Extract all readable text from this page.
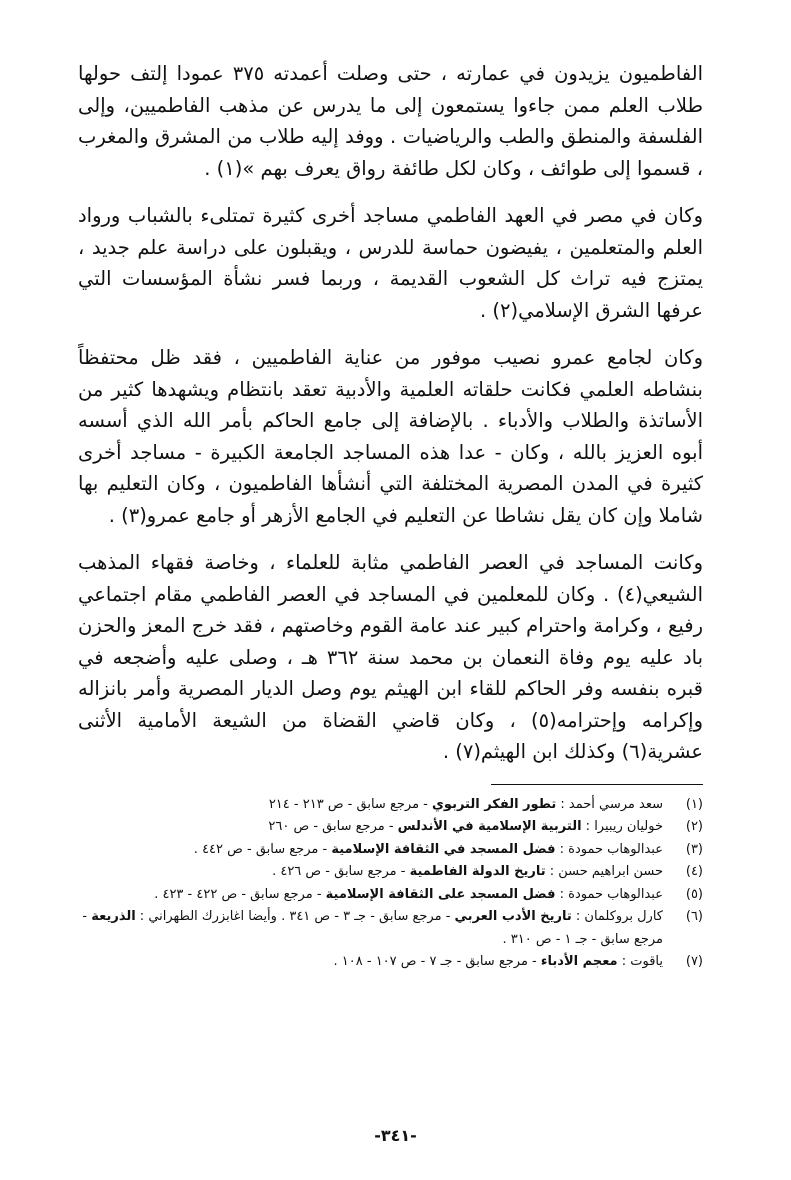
الفاطميون يزيدون في عمارته ، حتى وصلت أعمدته ٣٧٥ عمودا إلتف حولها طلاب العلم ممن جاءوا يستمعون إلى ما يدرس عن مذهب الفاطميين، وإلى الفلسفة والمنطق والطب والرياضيات . ووفد إليه طلاب من المشرق والمغرب ، قسموا إلى طوائف ، وكان لكل طائفة رواق يعرف بهم »(١) .

وكان في مصر في العهد الفاطمي مساجد أخرى كثيرة تمتلىء بالشباب ورواد العلم والمتعلمين ، يفيضون حماسة للدرس ، ويقبلون على دراسة علم جديد ، يمتزج فيه تراث كل الشعوب القديمة ، وربما فسر نشأة المؤسسات التي عرفها الشرق الإسلامي(٢) .

وكان لجامع عمرو نصيب موفور من عناية الفاطميين ، فقد ظل محتفظاً بنشاطه العلمي فكانت حلقاته العلمية والأدبية تعقد بانتظام ويشهدها كثير من الأساتذة والطلاب والأدباء . بالإضافة إلى جامع الحاكم بأمر الله الذي أسسه أبوه العزيز بالله ، وكان - عدا هذه المساجد الجامعة الكبيرة - مساجد أخرى كثيرة في المدن المصرية المختلفة التي أنشأها الفاطميون ، وكان التعليم بها شاملا وإن كان يقل نشاطا عن التعليم في الجامع الأزهر أو جامع عمرو(٣) .

وكانت المساجد في العصر الفاطمي مثابة للعلماء ، وخاصة فقهاء المذهب الشيعي(٤) . وكان للمعلمين في المساجد في العصر الفاطمي مقام اجتماعي رفيع ، وكرامة واحترام كبير عند عامة القوم وخاصتهم ، فقد خرج المعز والحزن باد عليه يوم وفاة النعمان بن محمد سنة ٣٦٢ هـ ، وصلى عليه وأضجعه في قبره بنفسه وفر الحاكم للقاء ابن الهيثم يوم وصل الديار المصرية وأمر بانزاله وإكرامه وإحترامه(٥) ، وكان قاضي القضاة من الشيعة الأمامية الأثنى عشرية(٦) وكذلك ابن الهيثم(٧) .

(١)
سعد مرسي أحمد : تطور الفكر التربوي - مرجع سابق - ص ٢١٣ - ٢١٤
(٢)
خوليان ريبيرا : التربية الإسلامية في الأندلس - مرجع سابق - ص ٢٦٠
(٣)
عبدالوهاب حمودة : فضل المسجد في الثقافة الإسلامية - مرجع سابق - ص ٤٤٢ .
(٤)
حسن ابراهيم حسن : تاريخ الدولة الفاطمية - مرجع سابق - ص ٤٢٦ .
(٥)
عبدالوهاب حمودة : فضل المسجد على الثقافة الإسلامية - مرجع سابق - ص ٤٢٢ - ٤٢٣ .
(٦)
كارل بروكلمان : تاريخ الأدب العربي - مرجع سابق - جـ ٣ - ص ٣٤١ . وأيضا اغابزرك الطهراني : الذريعة - مرجع سابق - جـ ١ - ص ٣١٠ .
(٧)
ياقوت : معجم الأدباء - مرجع سابق - جـ ٧ - ص ١٠٧ - ١٠٨ .
-٣٤١-
